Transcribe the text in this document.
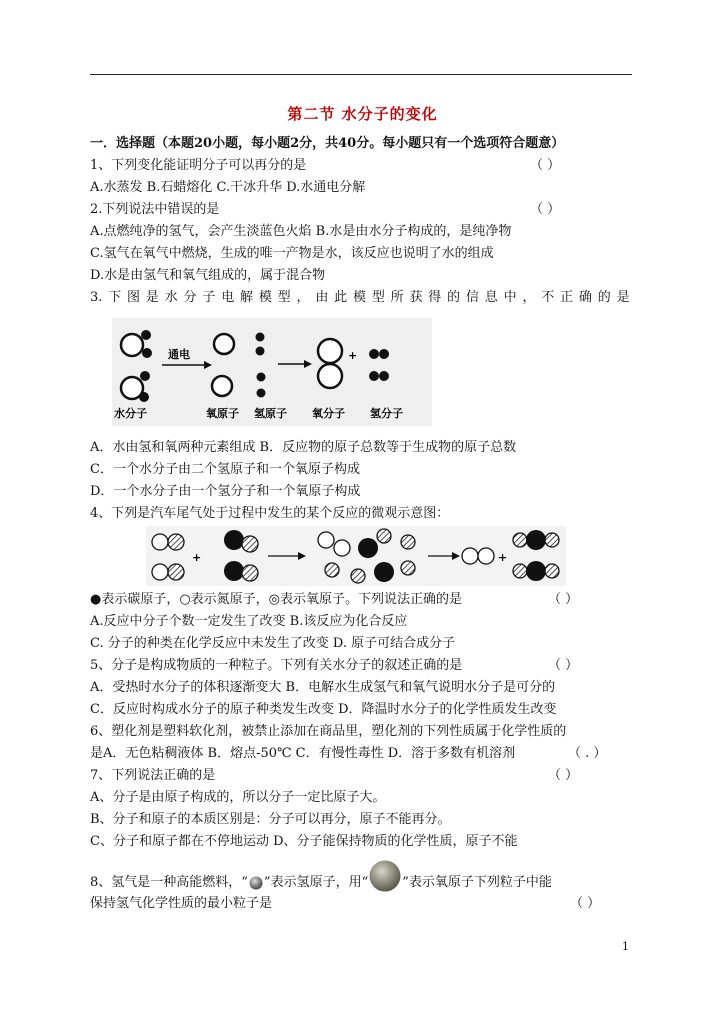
第二节 水分子的变化
一．选择题（本题20小题，每小题2分，共40分。每小题只有一个选项符合题意）
1、下列变化能证明分子可以再分的是	（ ）
A.水蒸发 B.石蜡熔化 C.干冰升华 D.水通电分解
2.下列说法中错误的是	（ ）
A.点燃纯净的氢气，会产生淡蓝色火焰 B.水是由水分子构成的，是纯净物
C.氢气在氧气中燃烧，生成的唯一产物是水，该反应也说明了水的组成
D.水是由氢气和氧气组成的，属于混合物
3. 下 图 是 水 分 子 电 解 模 型 ， 由 此 模 型 所 获 得 的 信 息 中 ， 不 正 确 的 是
通电	+
水分子	氧原子 氢原子 氧分子 氢分子
A．水由氢和氧两种元素组成 B．反应物的原子总数等于生成物的原子总数
C．一个水分子由二个氢原子和一个氧原子构成
D．一个水分子由一个氢分子和一个氧原子构成
4、下列是汽车尾气处于过程中发生的某个反应的微观示意图：
+	+
●表示碳原子，○表示氮原子，◎表示氧原子。下列说法正确的是	（ ）
A.反应中分子个数一定发生了改变 B.该反应为化合反应
C. 分子的种类在化学反应中未发生了改变 D. 原子可结合成分子
5、分子是构成物质的一种粒子。下列有关水分子的叙述正确的是	（ ）
A．受热时水分子的体积逐渐变大 B．电解水生成氢气和氧气说明水分子是可分的
C．反应时构成水分子的原子种类发生改变 D．降温时水分子的化学性质发生改变
6、塑化剂是塑料软化剂，被禁止添加在商品里，塑化剂的下列性质属于化学性质的
是A．无色粘稠液体 B．熔点-50℃ C．有慢性毒性 D．溶于多数有机溶剂	（ . ）
7、下列说法正确的是	（ ）
A、分子是由原子构成的，所以分子一定比原子大。
B、分子和原子的本质区别是：分子可以再分，原子不能再分。
C、分子和原子都在不停地运动 D、分子能保持物质的化学性质，原子不能
8、氢气是一种高能燃料，“ ”表示氢原子，用“	”表示氧原子下列粒子中能
保持氢气化学性质的最小粒子是	（ ）
1
